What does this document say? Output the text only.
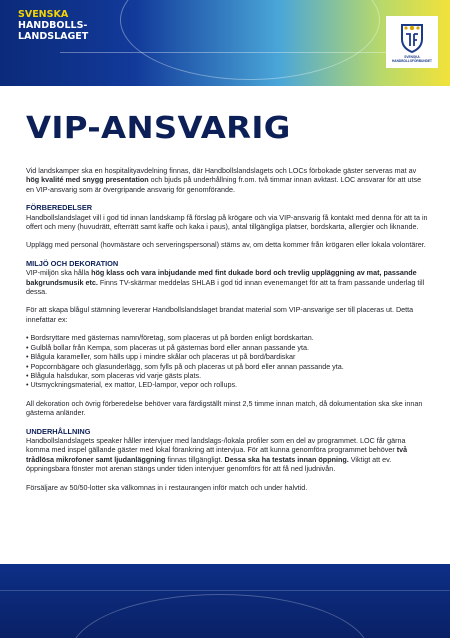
SVENSKA
HANDBOLLS-
LANDSLAGET
SVENSKA
HANDBOLLSFÖRBUNDET
VIP-ANSVARIG

Vid landskamper ska en hospitalityavdelning finnas, där Handbollslandslagets och LOCs förbokade gäster serveras mat av hög kvalité med snygg presentation och bjuds på underhållning fr.om. två timmar innan avktast. LOC ansvarar för att utse en VIP-ansvarig som är övergripande ansvarig för genomförande.

FÖRBEREDELSER

Handbollslandslaget vill i god tid innan landskamp få förslag på krögare och via VIP-ansvarig få kontakt med denna för att ta in offert och meny (huvudrätt, efterrätt samt kaffe och kaka i paus), antal tillgängliga platser, bordskarta, allergier och liknande.

Upplägg med personal (hovmästare och serveringspersonal) stäms av, om detta kommer från krögaren eller lokala volontärer.

MILJÖ OCH DEKORATION

VIP-miljön ska hålla hög klass och vara inbjudande med fint dukade bord och trevlig uppläggning av mat, passande bakgrundsmusik etc. Finns TV-skärmar meddelas SHLAB i god tid innan evenemanget för att ta fram passande underlag till dessa.

För att skapa blågul stämning levererar Handbollslandslaget brandat material som VIP-ansvarige ser till placeras ut. Detta innefattar ex:

• Bordsryttare med gästernas namn/företag, som placeras ut på borden enligt bordskartan.
• Gulblå bollar från Kempa, som placeras ut på gästernas bord eller annan passande yta.
• Blågula karameller, som hälls upp i mindre skålar och placeras ut på bord/bardiskar
• Popcornbägare och glasunderlägg, som fylls på och placeras ut på bord eller annan passande yta.
• Blågula halsdukar, som placeras vid varje gästs plats.
• Utsmyckningsmaterial, ex mattor, LED-lampor, vepor och rollups.

All dekoration och övrig förberedelse behöver vara färdigställt minst 2,5 timme innan match, då dokumentation ska ske innan gästerna anländer.

UNDERHÅLLNING

Handbollslandslagets speaker håller intervjuer med landslags-/lokala profiler som en del av programmet. LOC får gärna komma med inspel gällande gäster med lokal förankring att intervjua. För att kunna genomföra programmet behöver två trådlösa mikrofoner samt ljudanläggning finnas tillgängligt. Dessa ska ha testats innan öppning. Viktigt att ev. öppningsbara fönster mot arenan stängs under tiden intervjuer genomförs för att få ned ljudnivån.

Försäljare av 50/50-lotter ska välkomnas in i restaurangen inför match och under halvtid.
